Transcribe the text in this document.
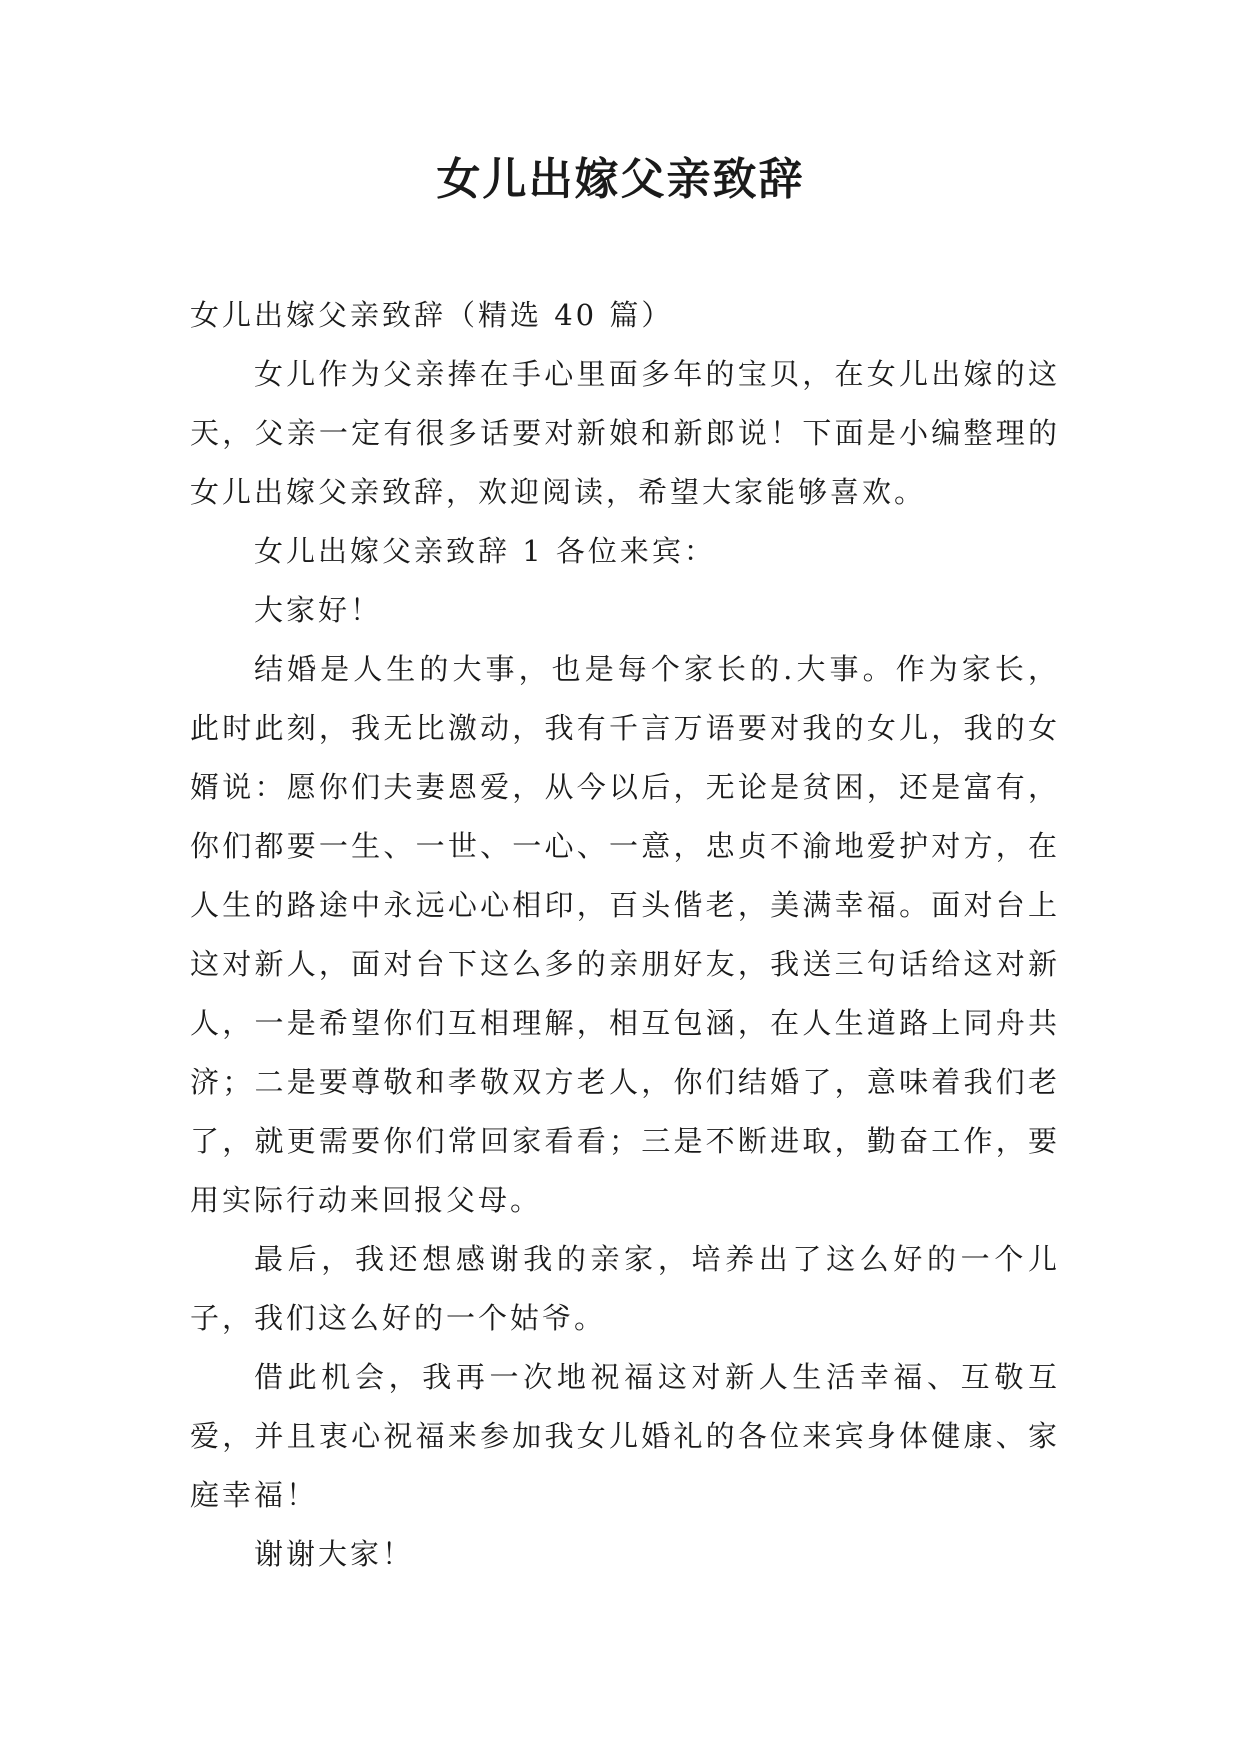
女儿出嫁父亲致辞

女儿出嫁父亲致辞（精选 40 篇）

女儿作为父亲捧在手心里面多年的宝贝，在女儿出嫁的这天，父亲一定有很多话要对新娘和新郎说！下面是小编整理的女儿出嫁父亲致辞，欢迎阅读，希望大家能够喜欢。

女儿出嫁父亲致辞 1 各位来宾：

大家好！

结婚是人生的大事，也是每个家长的.大事。作为家长，此时此刻，我无比激动，我有千言万语要对我的女儿，我的女婿说：愿你们夫妻恩爱，从今以后，无论是贫困，还是富有，你们都要一生、一世、一心、一意，忠贞不渝地爱护对方，在人生的路途中永远心心相印，百头偕老，美满幸福。面对台上这对新人，面对台下这么多的亲朋好友，我送三句话给这对新人，一是希望你们互相理解，相互包涵，在人生道路上同舟共济；二是要尊敬和孝敬双方老人，你们结婚了，意味着我们老了，就更需要你们常回家看看；三是不断进取，勤奋工作，要用实际行动来回报父母。

最后，我还想感谢我的亲家，培养出了这么好的一个儿子，我们这么好的一个姑爷。

借此机会，我再一次地祝福这对新人生活幸福、互敬互爱，并且衷心祝福来参加我女儿婚礼的各位来宾身体健康、家庭幸福！

谢谢大家！
